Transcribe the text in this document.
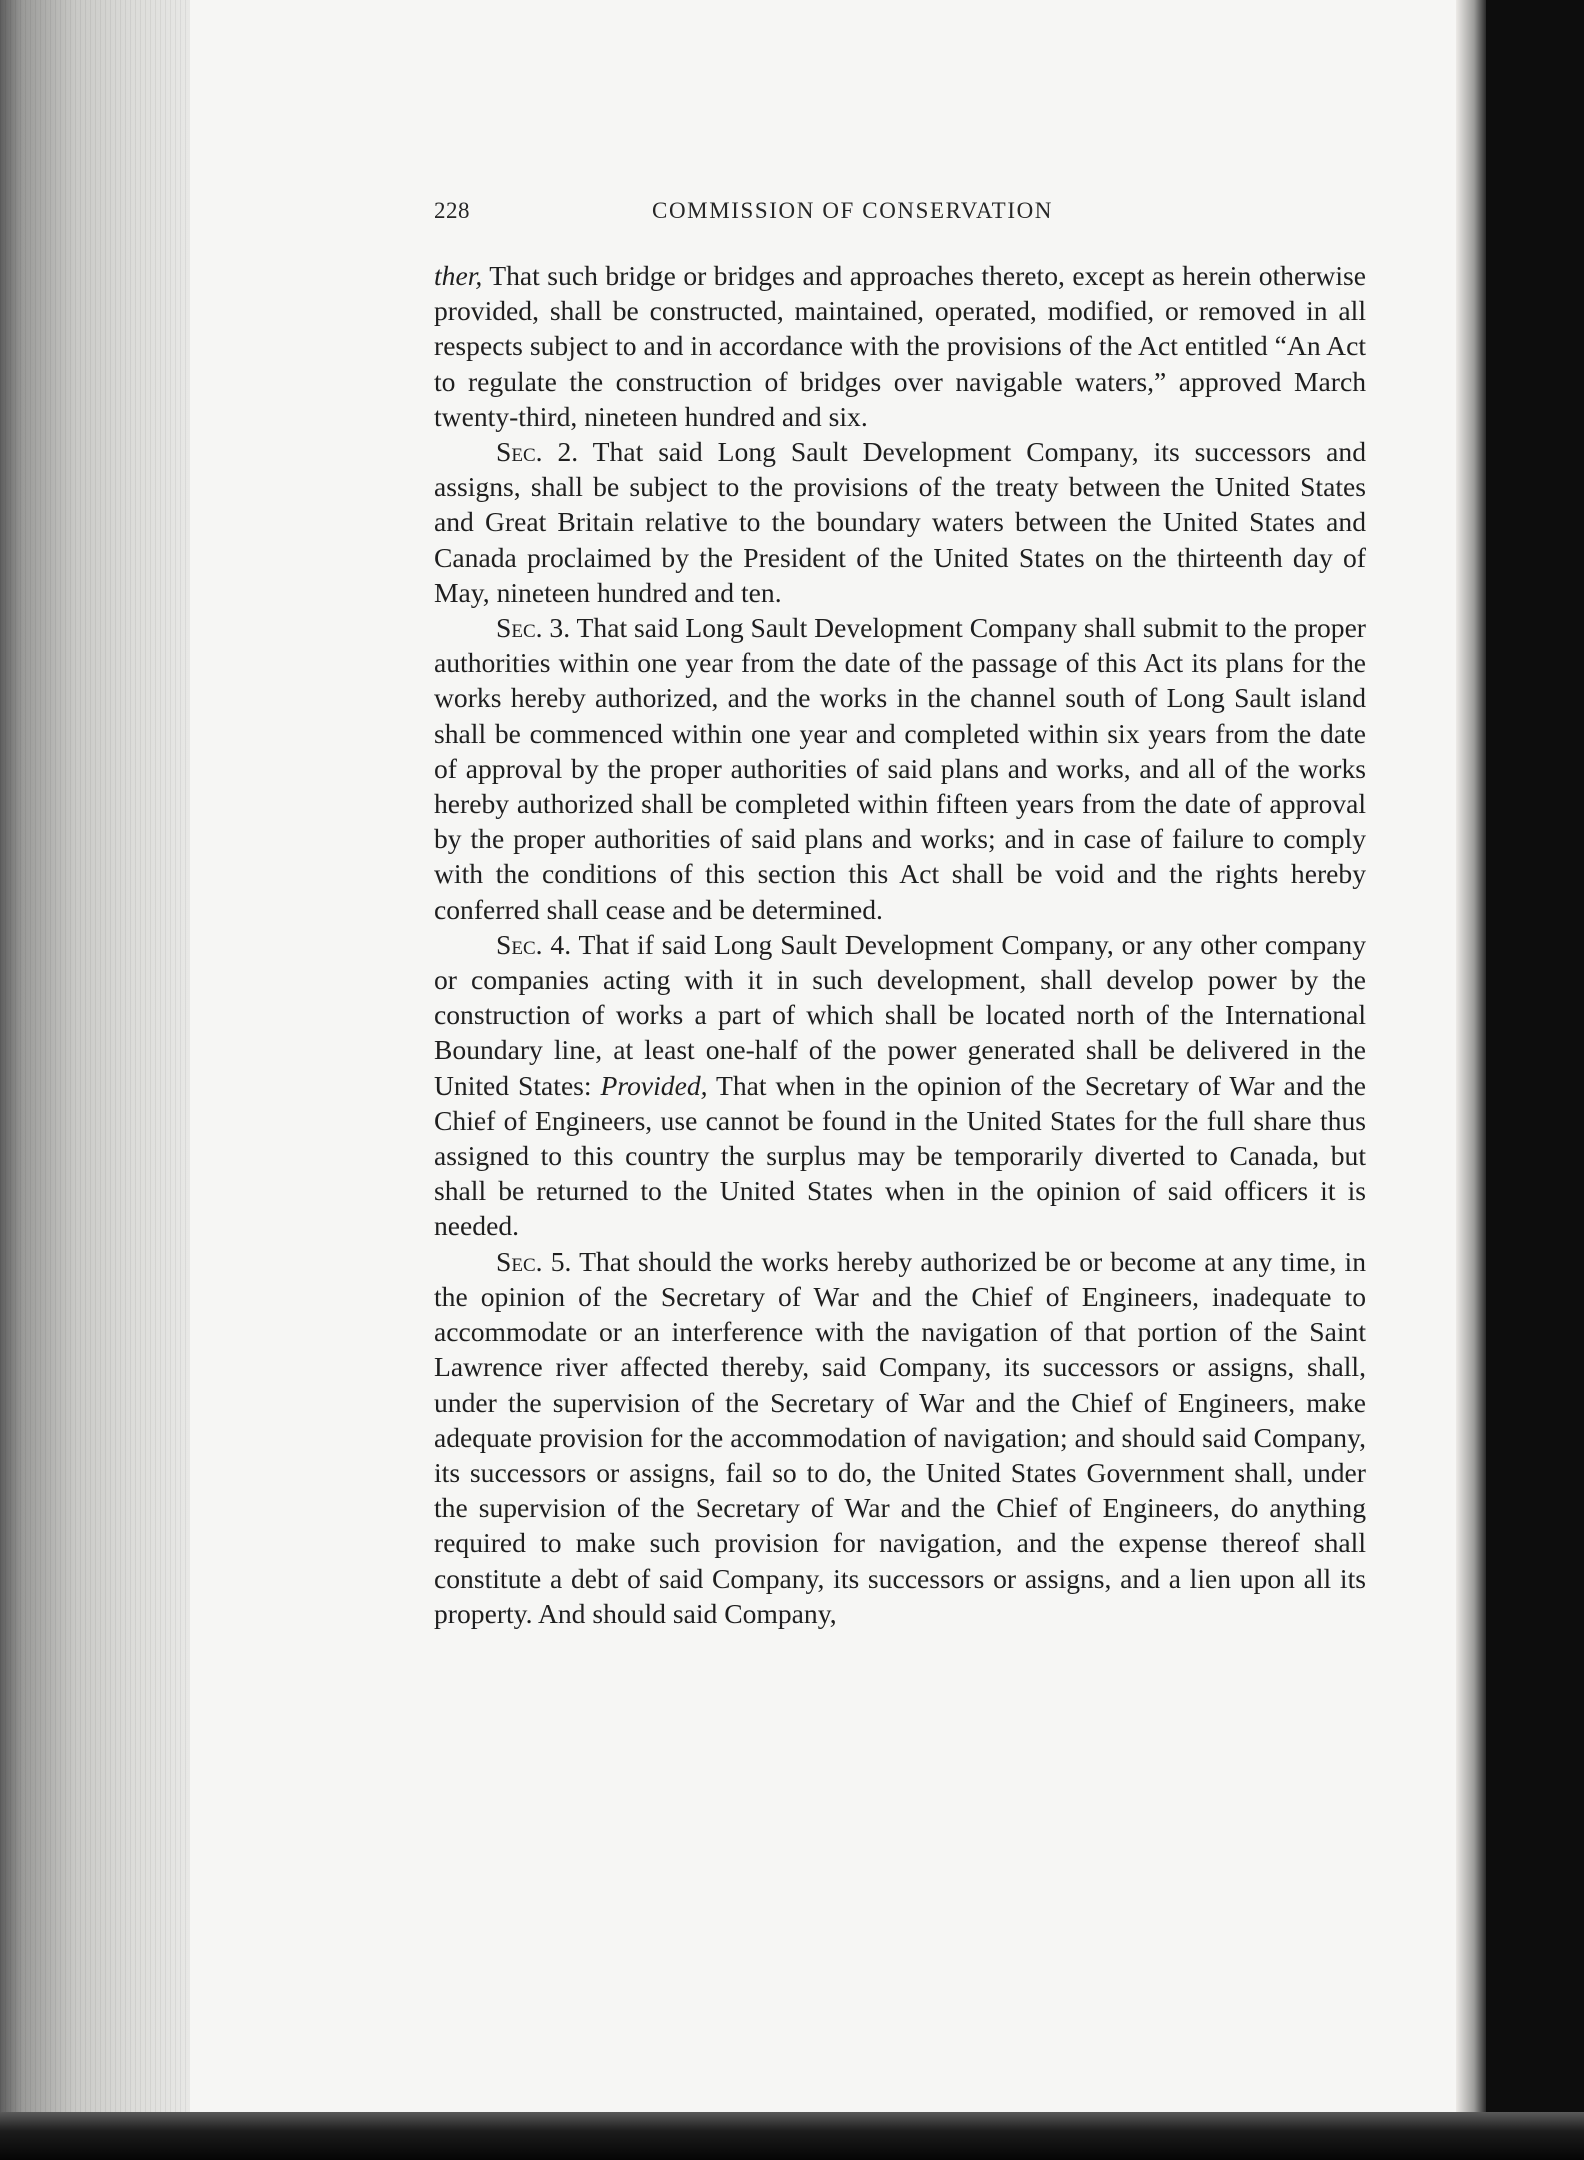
228	COMMISSION OF CONSERVATION

ther, That such bridge or bridges and approaches thereto, except as herein otherwise provided, shall be constructed, maintained, operated, modified, or removed in all respects subject to and in accordance with the provisions of the Act entitled “An Act to regulate the construction of bridges over navigable waters,” approved March twenty-third, nineteen hundred and six.

Sec. 2. That said Long Sault Development Company, its successors and assigns, shall be subject to the provisions of the treaty between the United States and Great Britain relative to the boundary waters between the United States and Canada proclaimed by the President of the United States on the thirteenth day of May, nineteen hundred and ten.

Sec. 3. That said Long Sault Development Company shall submit to the proper authorities within one year from the date of the passage of this Act its plans for the works hereby authorized, and the works in the channel south of Long Sault island shall be commenced within one year and completed within six years from the date of approval by the proper authorities of said plans and works, and all of the works hereby authorized shall be completed within fifteen years from the date of approval by the proper authorities of said plans and works; and in case of failure to comply with the conditions of this section this Act shall be void and the rights hereby conferred shall cease and be determined.

Sec. 4. That if said Long Sault Development Company, or any other company or companies acting with it in such development, shall develop power by the construction of works a part of which shall be located north of the International Boundary line, at least one-half of the power generated shall be delivered in the United States: Provided, That when in the opinion of the Secretary of War and the Chief of Engineers, use cannot be found in the United States for the full share thus assigned to this country the surplus may be temporarily diverted to Canada, but shall be returned to the United States when in the opinion of said officers it is needed.

Sec. 5. That should the works hereby authorized be or become at any time, in the opinion of the Secretary of War and the Chief of Engineers, inadequate to accommodate or an interference with the navigation of that portion of the Saint Lawrence river affected thereby, said Company, its successors or assigns, shall, under the supervision of the Secretary of War and the Chief of Engineers, make adequate provision for the accommodation of navigation; and should said Company, its successors or assigns, fail so to do, the United States Government shall, under the supervision of the Secretary of War and the Chief of Engineers, do anything required to make such provision for navigation, and the expense thereof shall constitute a debt of said Company, its successors or assigns, and a lien upon all its property. And should said Company,
